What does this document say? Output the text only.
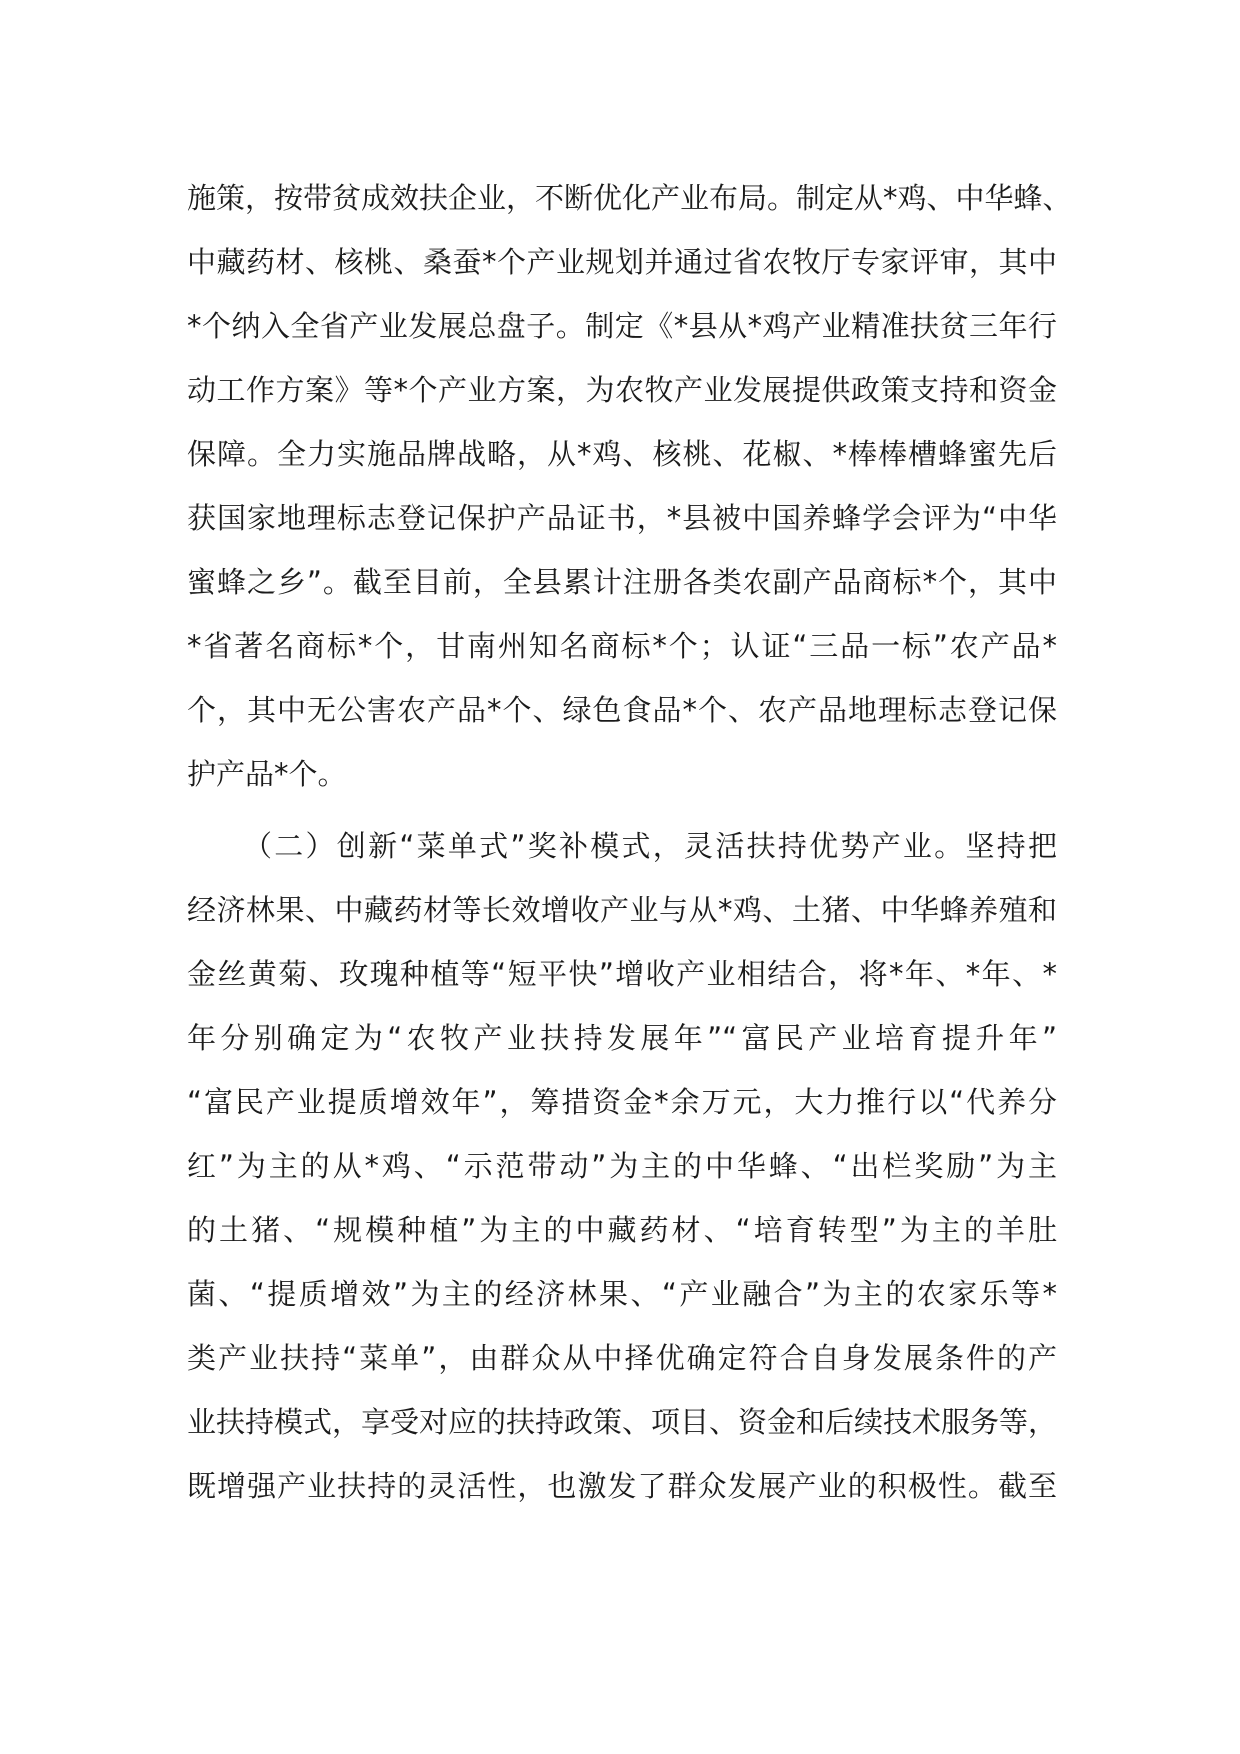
施策，按带贫成效扶企业，不断优化产业布局。制定从*鸡、中华蜂、
中藏药材、核桃、桑蚕*个产业规划并通过省农牧厅专家评审，其中
*个纳入全省产业发展总盘子。制定《*县从*鸡产业精准扶贫三年行
动工作方案》等*个产业方案，为农牧产业发展提供政策支持和资金
保障。全力实施品牌战略，从*鸡、核桃、花椒、*棒棒槽蜂蜜先后
获国家地理标志登记保护产品证书，*县被中国养蜂学会评为“中华
蜜蜂之乡”。截至目前，全县累计注册各类农副产品商标*个，其中
*省著名商标*个，甘南州知名商标*个；认证“三品一标”农产品*
个，其中无公害农产品*个、绿色食品*个、农产品地理标志登记保
护产品*个。
（二）创新“菜单式”奖补模式，灵活扶持优势产业。坚持把
经济林果、中藏药材等长效增收产业与从*鸡、土猪、中华蜂养殖和
金丝黄菊、玫瑰种植等“短平快”增收产业相结合，将*年、*年、*
年分别确定为“农牧产业扶持发展年”“富民产业培育提升年”
“富民产业提质增效年”，筹措资金*余万元，大力推行以“代养分
红”为主的从*鸡、“示范带动”为主的中华蜂、“出栏奖励”为主
的土猪、“规模种植”为主的中藏药材、“培育转型”为主的羊肚
菌、“提质增效”为主的经济林果、“产业融合”为主的农家乐等*
类产业扶持“菜单”，由群众从中择优确定符合自身发展条件的产
业扶持模式，享受对应的扶持政策、项目、资金和后续技术服务等，
既增强产业扶持的灵活性，也激发了群众发展产业的积极性。截至
